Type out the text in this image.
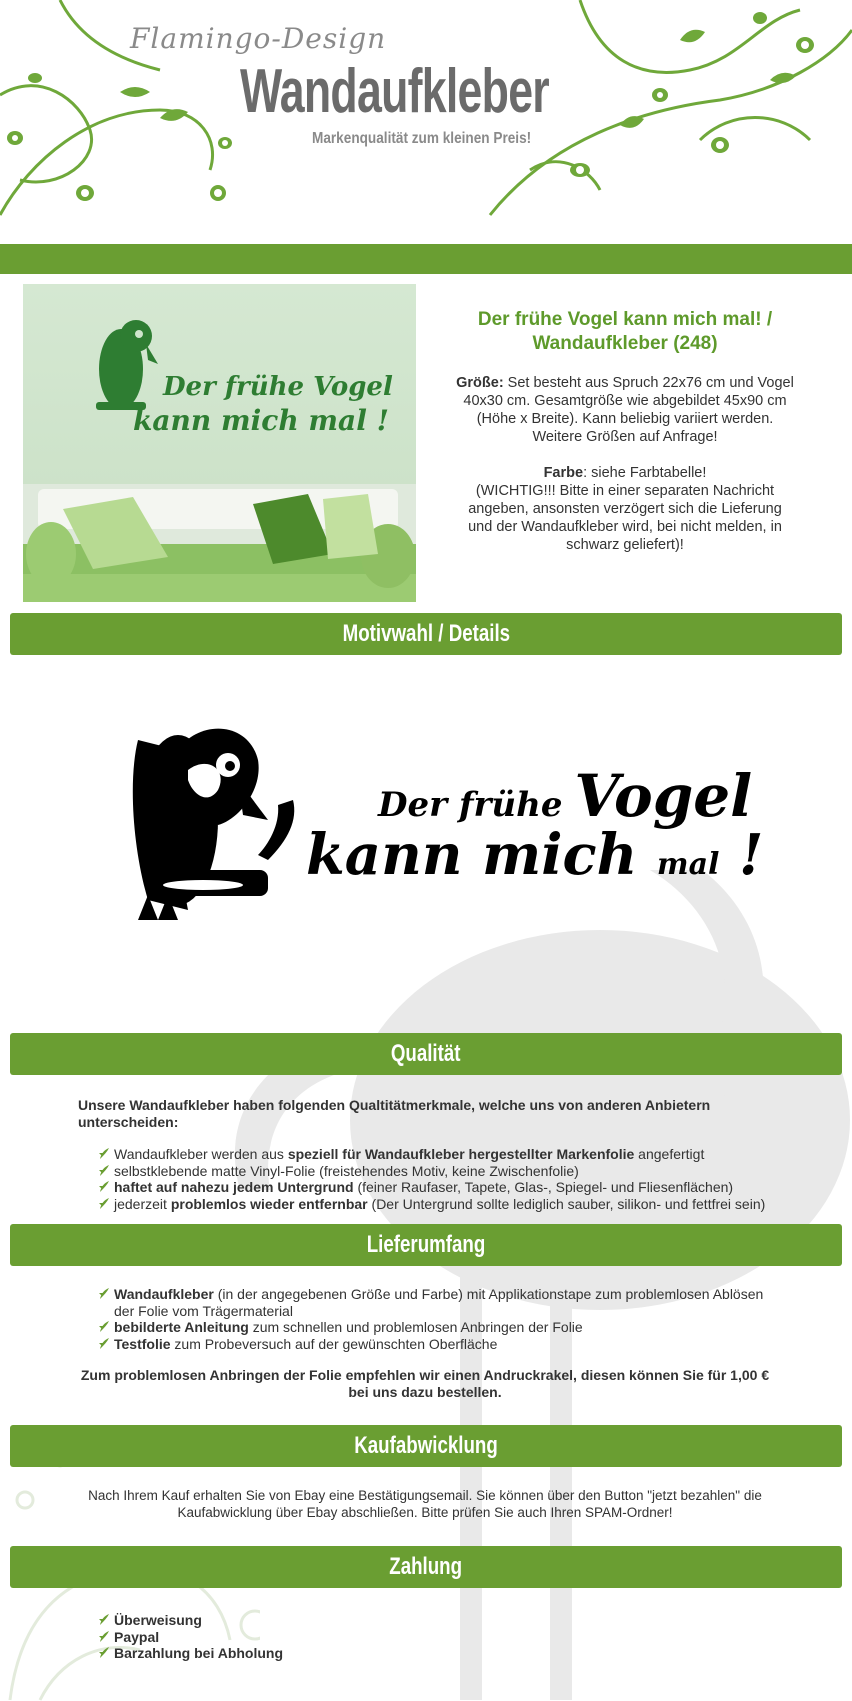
Flamingo-Design
Wandaufkleber
Markenqualität zum kleinen Preis!
Der frühe Vogel
kann mich mal !
Der frühe Vogel kann mich mal! / Wandaufkleber (248)

Größe: Set besteht aus Spruch 22x76 cm und Vogel 40x30 cm. Gesamtgröße wie abgebildet 45x90 cm (Höhe x Breite). Kann beliebig variiert werden. Weitere Größen auf Anfrage!

Farbe: siehe Farbtabelle!
(WICHTIG!!! Bitte in einer separaten Nachricht angeben, ansonsten verzögert sich die Lieferung und der Wandaufkleber wird, bei nicht melden, in schwarz geliefert)!

Motivwahl / Details
Der frühe Vogel
kann mich mal !
Qualität
Unsere Wandaufkleber haben folgenden Qualtitätmerkmale, welche uns von anderen Anbietern unterscheiden:
Wandaufkleber werden aus speziell für Wandaufkleber hergestellter Markenfolie angefertigt
selbstklebende matte Vinyl-Folie (freistehendes Motiv, keine Zwischenfolie)
haftet auf nahezu jedem Untergrund (feiner Raufaser, Tapete, Glas-, Spiegel- und Fliesenflächen)
jederzeit problemlos wieder entfernbar (Der Untergrund sollte lediglich sauber, silikon- und fettfrei sein)
Lieferumfang
Wandaufkleber (in der angegebenen Größe und Farbe) mit Applikationstape zum problemlosen Ablösen der Folie vom Trägermaterial
bebilderte Anleitung zum schnellen und problemlosen Anbringen der Folie
Testfolie zum Probeversuch auf der gewünschten Oberfläche
Zum problemlosen Anbringen der Folie empfehlen wir einen Andruckrakel, diesen können Sie für 1,00 € bei uns dazu bestellen.
Kaufabwicklung
Nach Ihrem Kauf erhalten Sie von Ebay eine Bestätigungsemail. Sie können über den Button "jetzt bezahlen" die Kaufabwicklung über Ebay abschließen. Bitte prüfen Sie auch Ihren SPAM-Ordner!
Zahlung
Überweisung
Paypal
Barzahlung bei Abholung
